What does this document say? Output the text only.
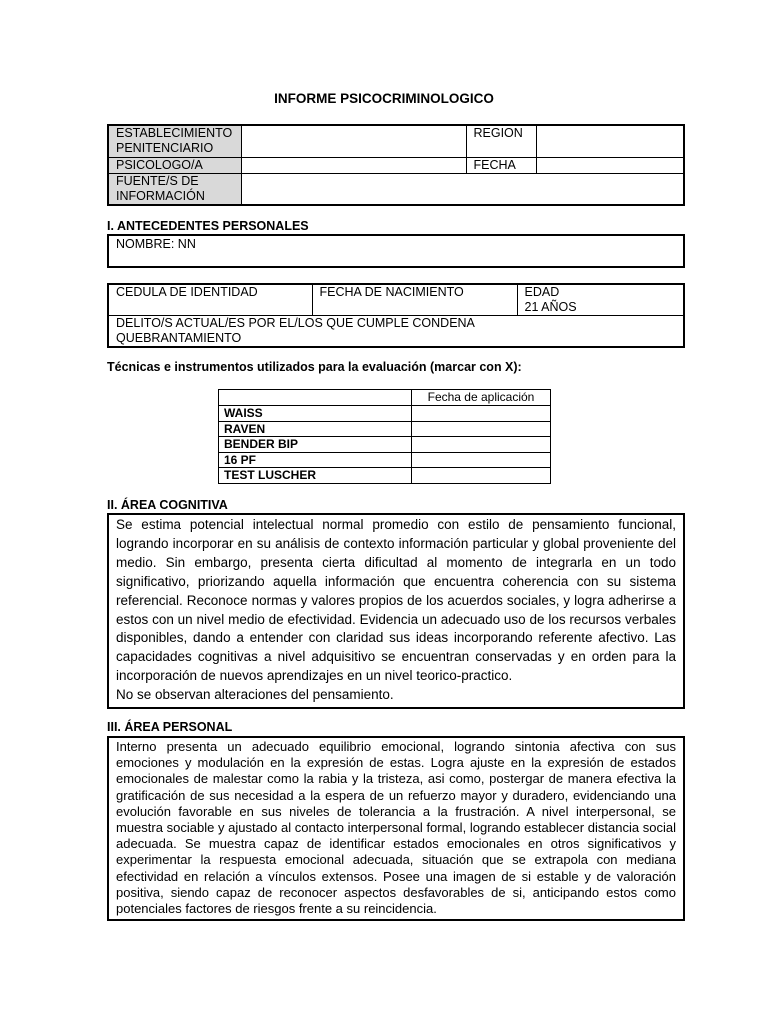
INFORME PSICOCRIMINOLOGICO
ESTABLECIMIENTO PENITENCIARIO		REGION	
PSICOLOGO/A		FECHA	
FUENTE/S DE INFORMACIÓN			
I. ANTECEDENTES PERSONALES
NOMBRE: NN
CEDULA DE IDENTIDAD	FECHA DE NACIMIENTO	EDAD
21 AÑOS

DELITO/S ACTUAL/ES POR EL/LOS QUE CUMPLE CONDENA
QUEBRANTAMIENTO
Técnicas e instrumentos utilizados para la evaluación (marcar con X):
	Fecha de aplicación
WAISS	
RAVEN	
BENDER BIP	
16 PF	
TEST LUSCHER	
II. ÁREA COGNITIVA

Se estima potencial intelectual normal promedio con estilo de pensamiento funcional, logrando incorporar en su análisis de contexto información particular y global proveniente del medio. Sin embargo, presenta cierta dificultad al momento de integrarla en un todo significativo, priorizando aquella información que encuentra coherencia con su sistema referencial. Reconoce normas y valores propios de los acuerdos sociales, y logra adherirse a estos con un nivel medio de efectividad. Evidencia un adecuado uso de los recursos verbales disponibles, dando a entender con claridad sus ideas incorporando referente afectivo. Las capacidades cognitivas a nivel adquisitivo se encuentran conservadas y en orden para la incorporación de nuevos aprendizajes en un nivel teorico-practico.

No se observan alteraciones del pensamiento.

III. ÁREA PERSONAL

Interno presenta un adecuado equilibrio emocional, logrando sintonia afectiva con sus emociones y modulación en la expresión de estas. Logra ajuste en la expresión de estados emocionales de malestar como la rabia y la tristeza, asi como, postergar de manera efectiva la gratificación de sus necesidad a la espera de un refuerzo mayor y duradero, evidenciando una evolución favorable en sus niveles de tolerancia a la frustración. A nivel interpersonal, se muestra sociable y ajustado al contacto interpersonal formal, logrando establecer distancia social adecuada. Se muestra capaz de identificar estados emocionales en otros significativos y experimentar la respuesta emocional adecuada, situación que se extrapola con mediana efectividad en relación a vínculos extensos. Posee una imagen de si estable y de valoración positiva, siendo capaz de reconocer aspectos desfavorables de si, anticipando estos como potenciales factores de riesgos frente a su reincidencia.
